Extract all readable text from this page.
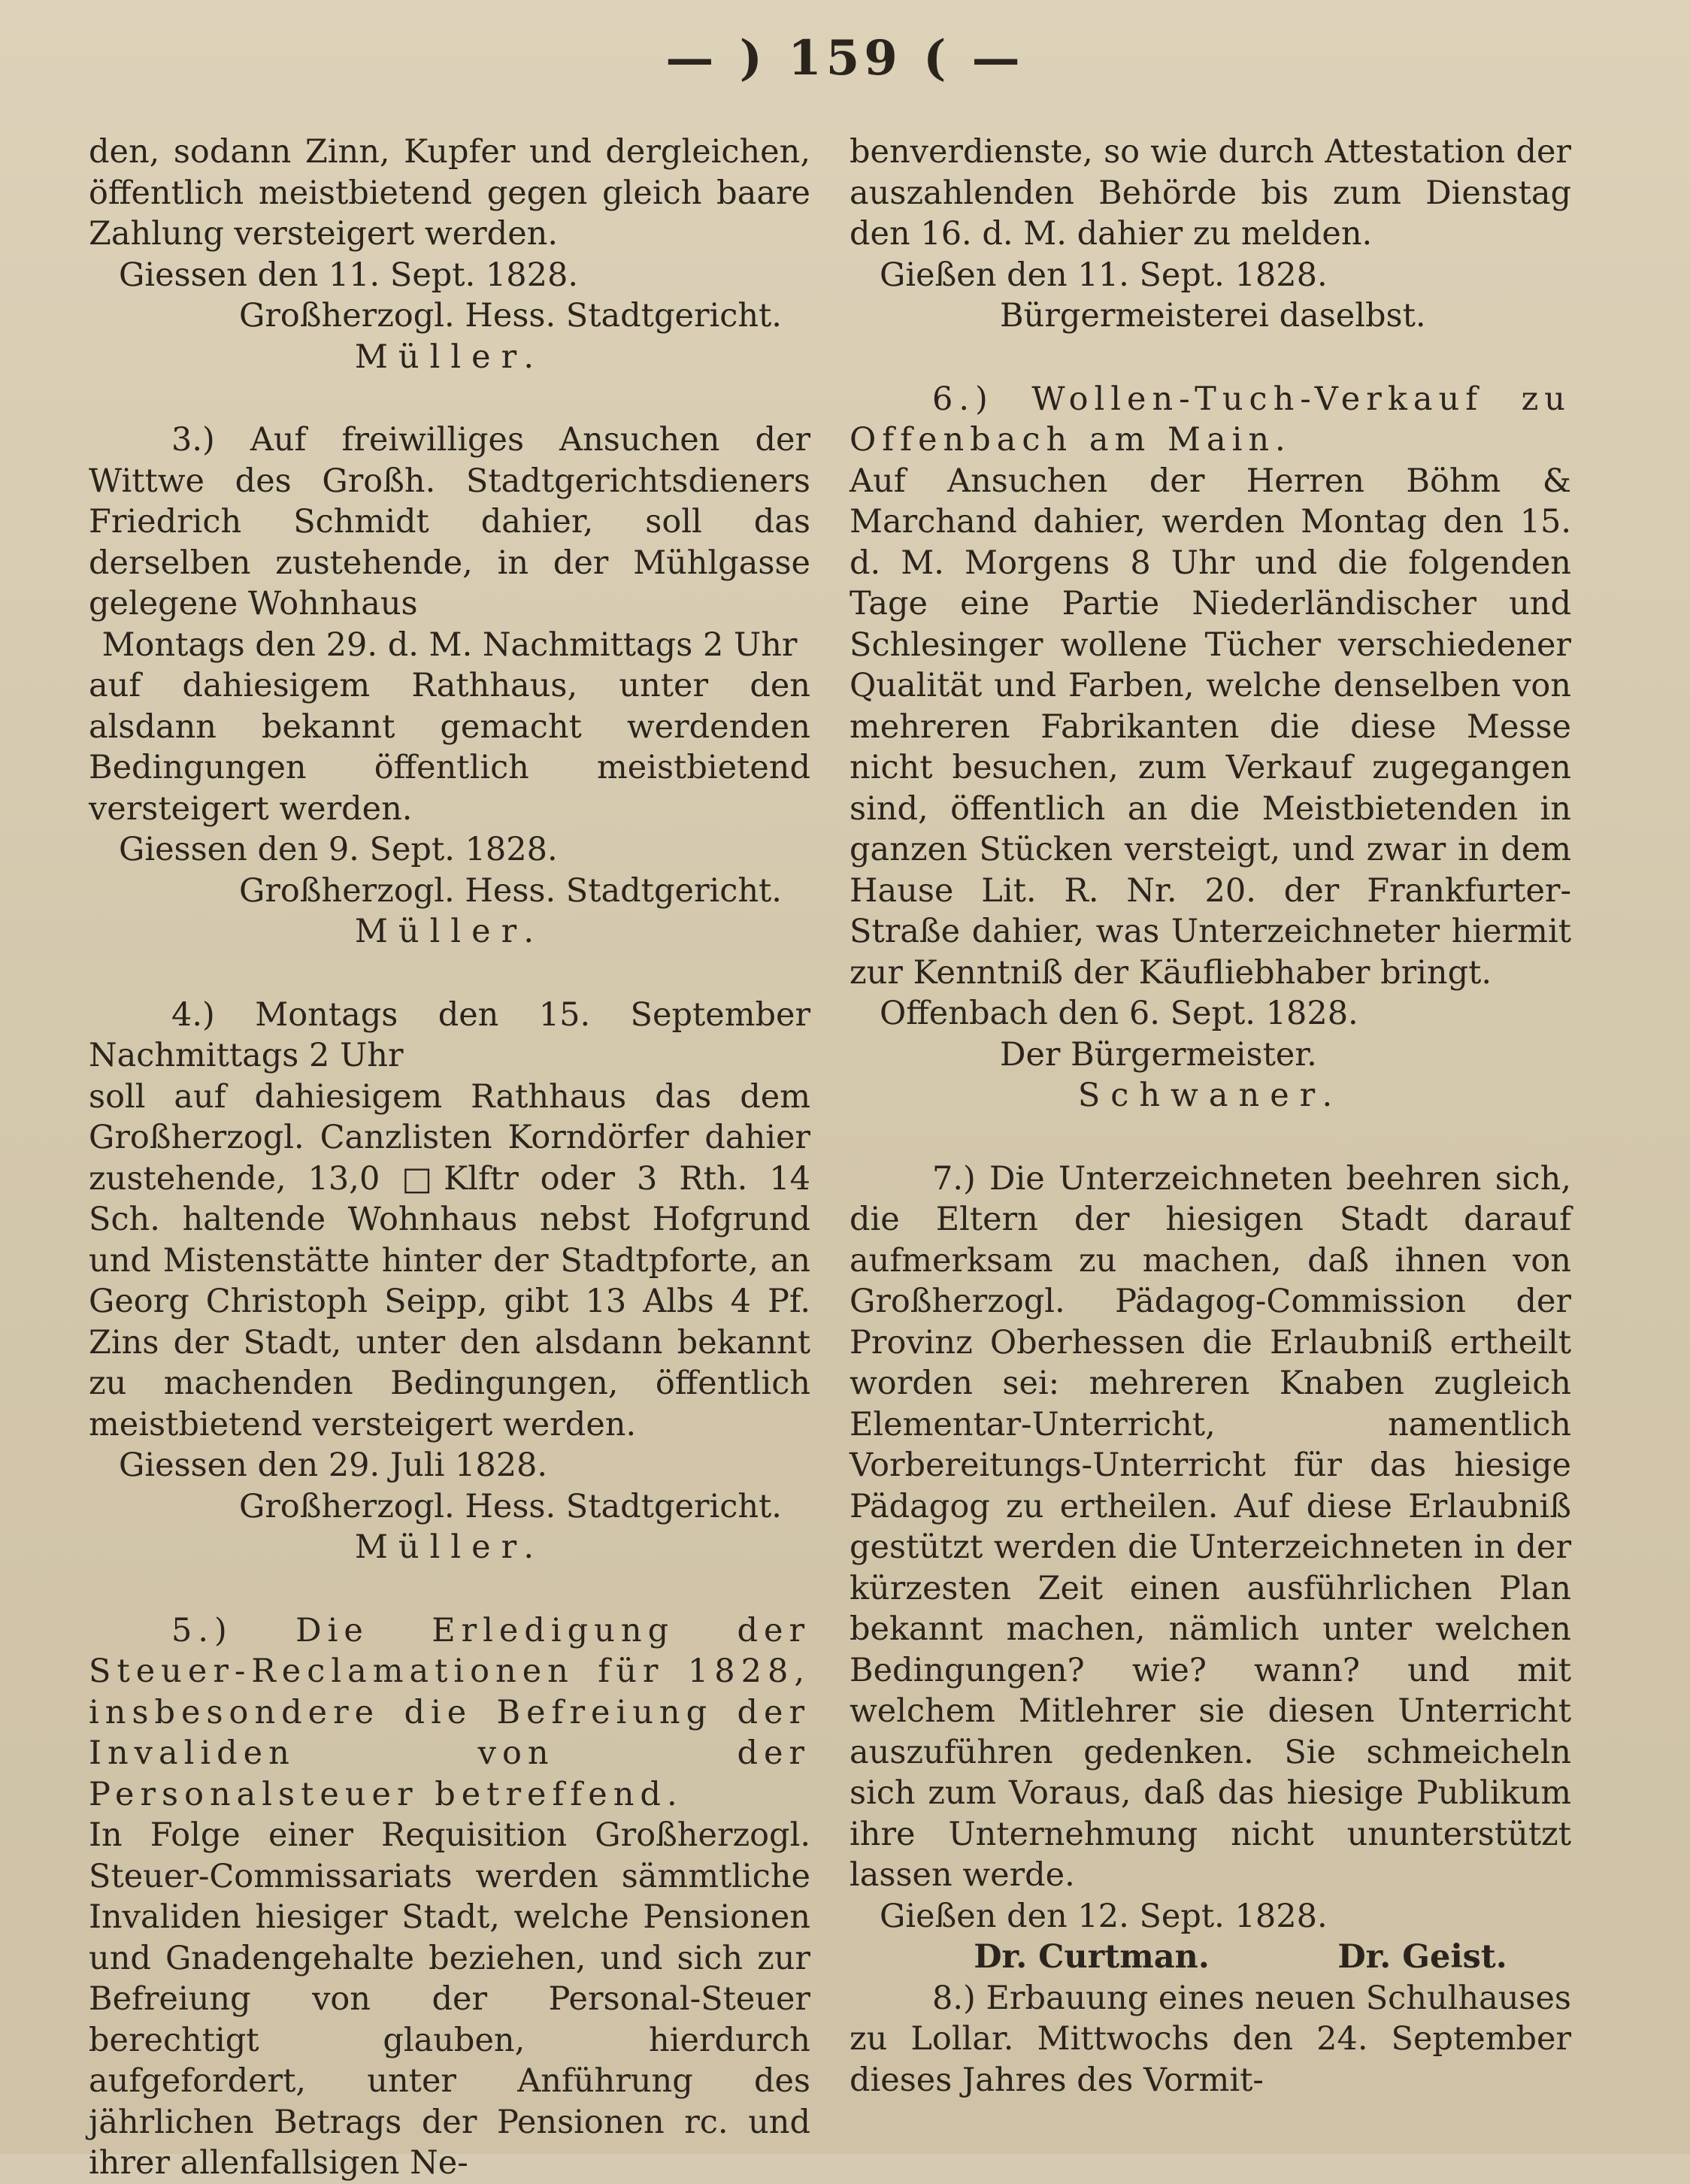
— ) 159 ( —
den, sodann Zinn, Kupfer und dergleichen, öffentlich meistbietend gegen gleich baare Zahlung versteigert werden.
Giessen den 11. Sept. 1828.
Großherzogl. Hess. Stadtgericht.
Müller.
3.) Auf freiwilliges Ansuchen der Wittwe des Großh. Stadtgerichtsdieners Friedrich Schmidt dahier, soll das derselben zustehende, in der Mühlgasse gelegene Wohnhaus
Montags den 29. d. M. Nachmittags 2 Uhr
auf dahiesigem Rathhaus, unter den alsdann bekannt gemacht werdenden Bedingungen öffentlich meistbietend versteigert werden.
Giessen den 9. Sept. 1828.
Großherzogl. Hess. Stadtgericht.
Müller.
4.) Montags den 15. September Nachmittags 2 Uhr
soll auf dahiesigem Rathhaus das dem Großherzogl. Canzlisten Korndörfer dahier zustehende, 13,0 □Klftr oder 3 Rth. 14 Sch. haltende Wohnhaus nebst Hofgrund und Mistenstätte hinter der Stadtpforte, an Georg Christoph Seipp, gibt 13 Albs 4 Pf. Zins der Stadt, unter den alsdann bekannt zu machenden Bedingungen, öffentlich meistbietend versteigert werden.
Giessen den 29. Juli 1828.
Großherzogl. Hess. Stadtgericht.
Müller.
5.) Die Erledigung der Steuer-Reclamationen für 1828, insbesondere die Befreiung der Invaliden von der Personalsteuer betreffend.
In Folge einer Requisition Großherzogl. Steuer-Commissariats werden sämmtliche Invaliden hiesiger Stadt, welche Pensionen und Gnadengehalte beziehen, und sich zur Befreiung von der Personal-Steuer berechtigt glauben, hierdurch aufgefordert, unter Anführung des jährlichen Betrags der Pensionen rc. und ihrer allenfallsigen Ne-
benverdienste, so wie durch Attestation der auszahlenden Behörde bis zum Dienstag den 16. d. M. dahier zu melden.
Gießen den 11. Sept. 1828.
Bürgermeisterei daselbst.
6.) Wollen-Tuch-Verkauf zu Offenbach am Main.
Auf Ansuchen der Herren Böhm & Marchand dahier, werden Montag den 15. d. M. Morgens 8 Uhr und die folgenden Tage eine Partie Niederländischer und Schlesinger wollene Tücher verschiedener Qualität und Farben, welche denselben von mehreren Fabrikanten die diese Messe nicht besuchen, zum Verkauf zugegangen sind, öffentlich an die Meistbietenden in ganzen Stücken versteigt, und zwar in dem Hause Lit. R. Nr. 20. der Frankfurter-Straße dahier, was Unterzeichneter hiermit zur Kenntniß der Käufliebhaber bringt.
Offenbach den 6. Sept. 1828.
Der Bürgermeister.
Schwaner.
7.) Die Unterzeichneten beehren sich, die Eltern der hiesigen Stadt darauf aufmerksam zu machen, daß ihnen von Großherzogl. Pädagog-Commission der Provinz Oberhessen die Erlaubniß ertheilt worden sei: mehreren Knaben zugleich Elementar-Unterricht, namentlich Vorbereitungs-Unterricht für das hiesige Pädagog zu ertheilen. Auf diese Erlaubniß gestützt werden die Unterzeichneten in der kürzesten Zeit einen ausführlichen Plan bekannt machen, nämlich unter welchen Bedingungen? wie? wann? und mit welchem Mitlehrer sie diesen Unterricht auszuführen gedenken. Sie schmeicheln sich zum Voraus, daß das hiesige Publikum ihre Unternehmung nicht ununterstützt lassen werde.
Gießen den 12. Sept. 1828.
Dr. Curtman.	Dr. Geist.
8.) Erbauung eines neuen Schulhauses zu Lollar. Mittwochs den 24. September dieses Jahres des Vormit-
